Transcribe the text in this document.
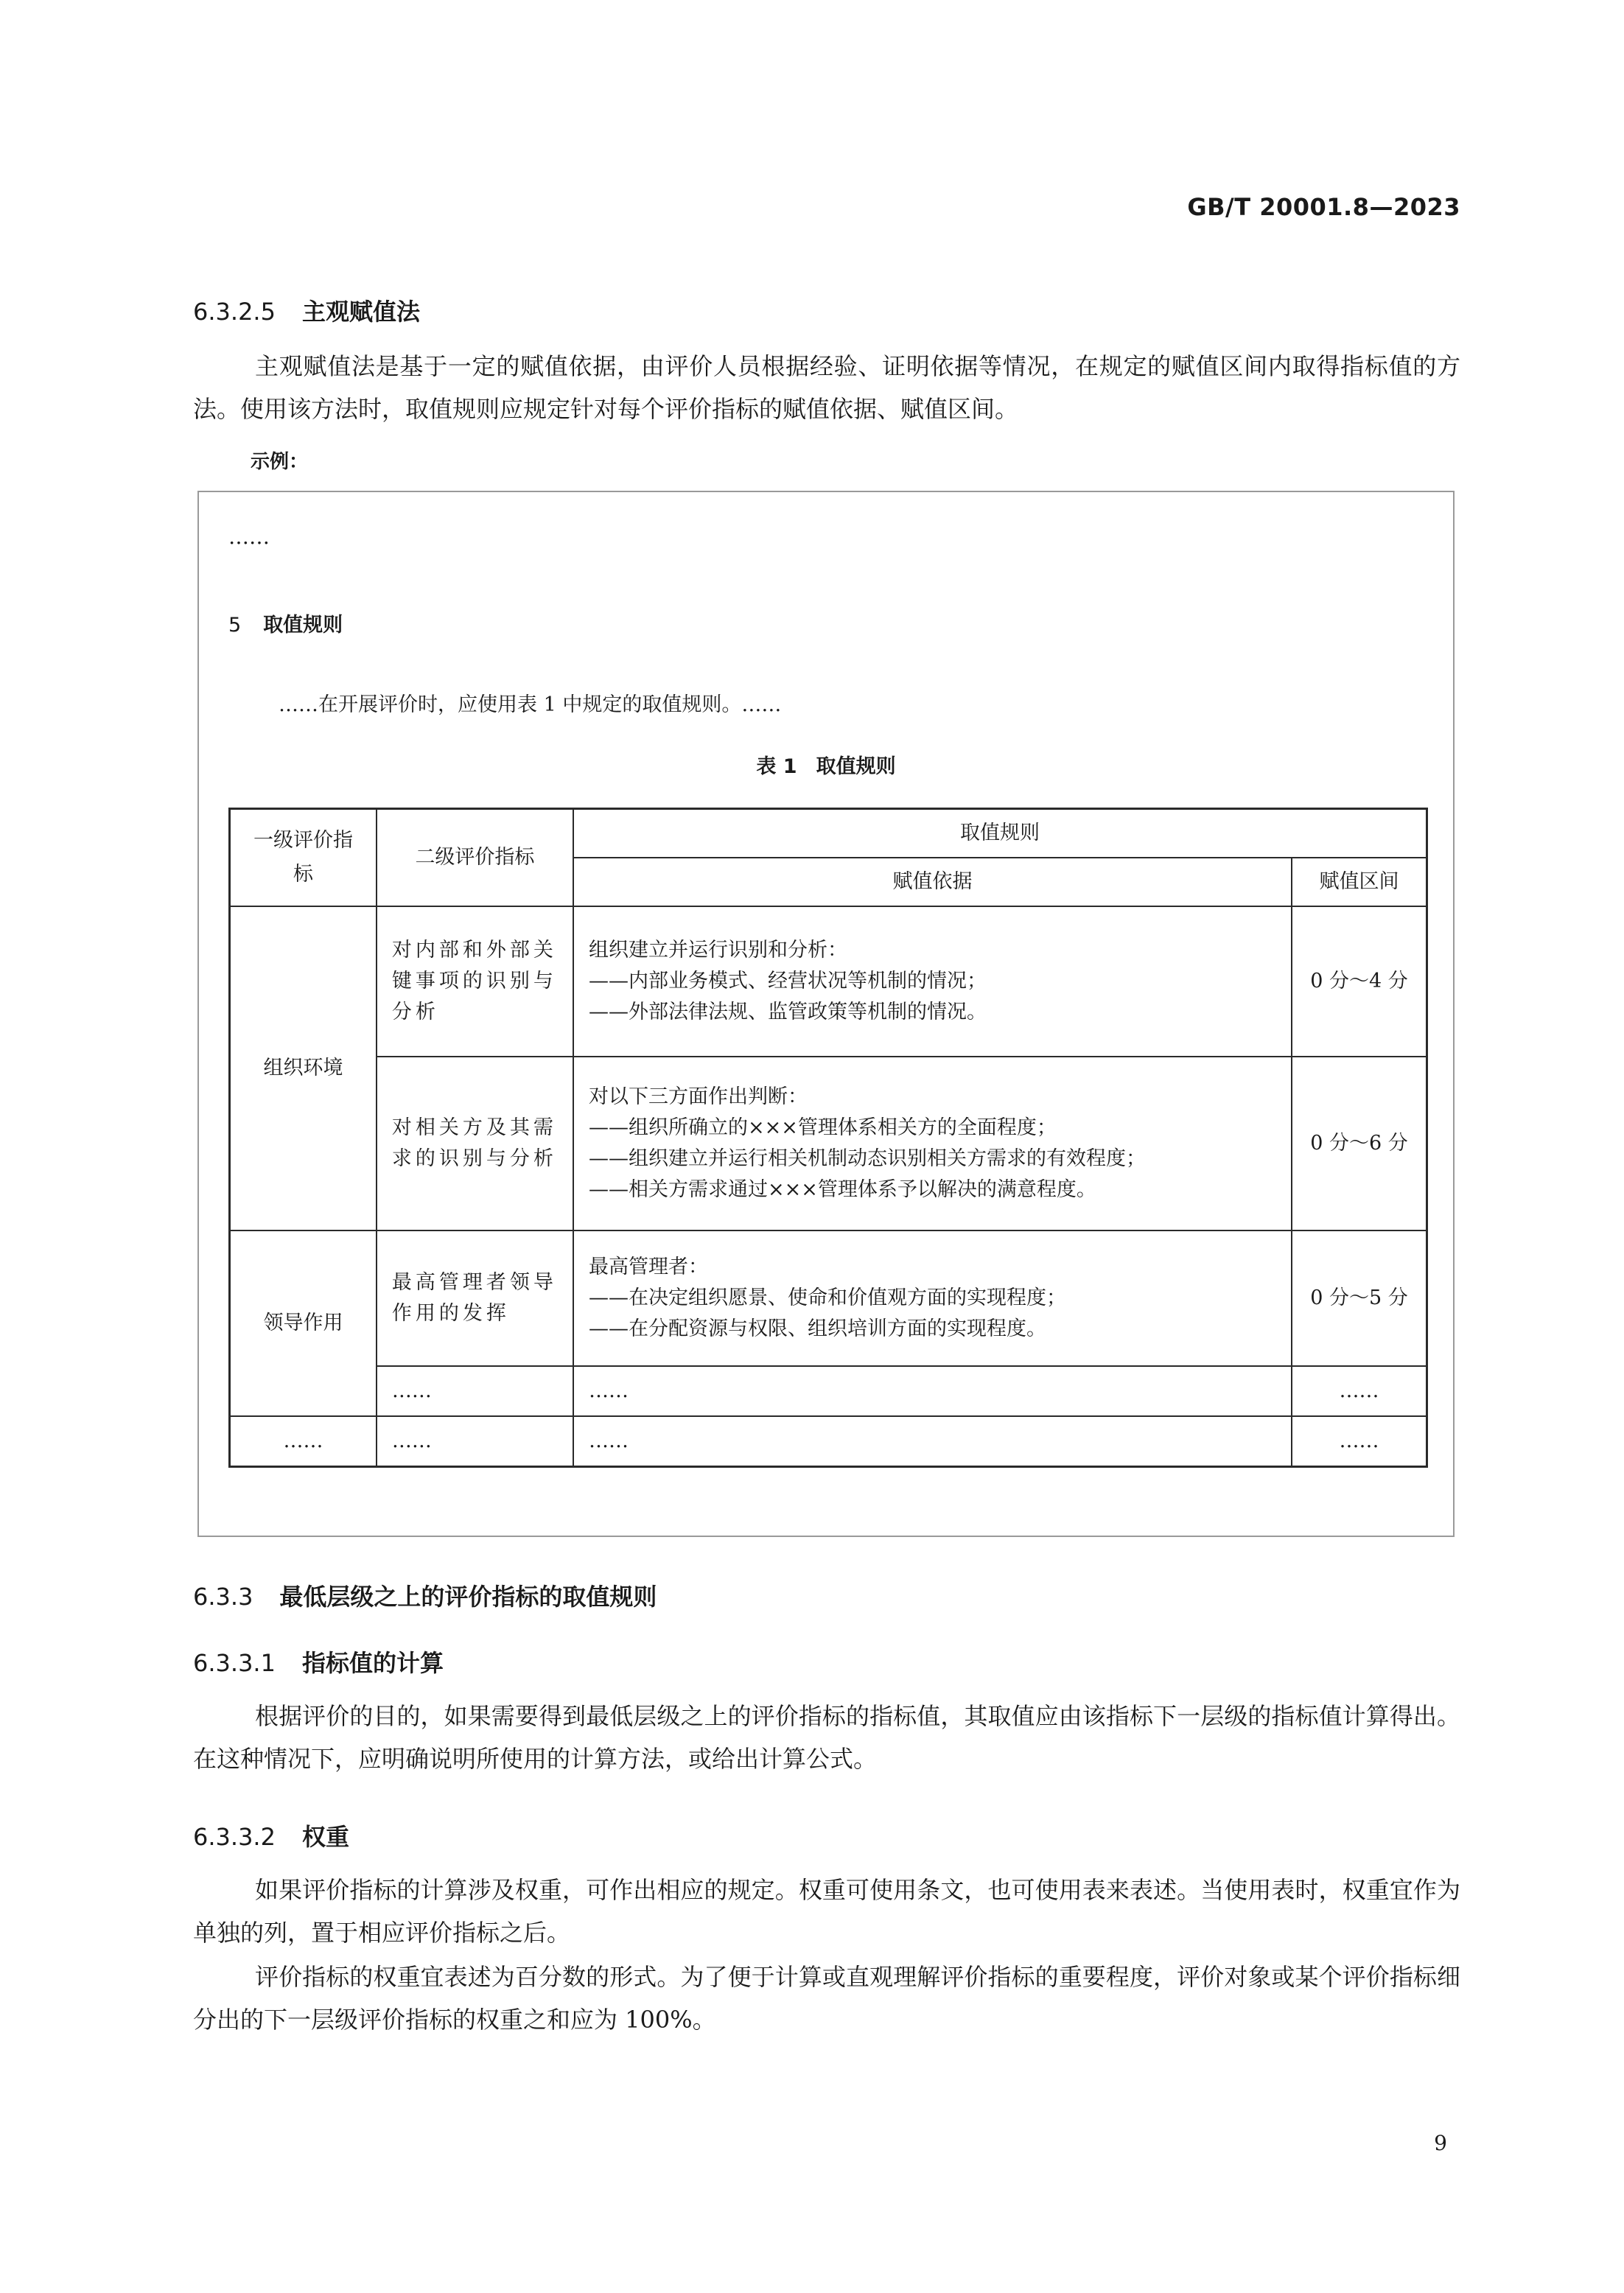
GB/T 20001.8—2023
6.3.2.5 主观赋值法

主观赋值法是基于一定的赋值依据，由评价人员根据经验、证明依据等情况，在规定的赋值区间内取得指标值的方法。使用该方法时，取值规则应规定针对每个评价指标的赋值依据、赋值区间。

示例：
……
5 取值规则
……在开展评价时，应使用表 1 中规定的取值规则。……
表 1 取值规则
一级评价指标	二级评价指标	取值规则	
		赋值依据	赋值区间
组织环境	对内部和外部关键事项的识别与分析	组织建立并运行识别和分析：
——内部业务模式、经营状况等机制的情况；
——外部法律法规、监管政策等机制的情况。	0 分～4 分
	对相关方及其需求的识别与分析	对以下三方面作出判断：
——组织所确立的×××管理体系相关方的全面程度；
——组织建立并运行相关机制动态识别相关方需求的有效程度；
——相关方需求通过×××管理体系予以解决的满意程度。	0 分～6 分
领导作用	最高管理者领导作用的发挥	最高管理者：
——在决定组织愿景、使命和价值观方面的实现程度；
——在分配资源与权限、组织培训方面的实现程度。	0 分～5 分
	……	……	……
……	……	……	……
6.3.3 最低层级之上的评价指标的取值规则
6.3.3.1 指标值的计算

根据评价的目的，如果需要得到最低层级之上的评价指标的指标值，其取值应由该指标下一层级的指标值计算得出。在这种情况下，应明确说明所使用的计算方法，或给出计算公式。

6.3.3.2 权重

如果评价指标的计算涉及权重，可作出相应的规定。权重可使用条文，也可使用表来表述。当使用表时，权重宜作为单独的列，置于相应评价指标之后。

评价指标的权重宜表述为百分数的形式。为了便于计算或直观理解评价指标的重要程度，评价对象或某个评价指标细分出的下一层级评价指标的权重之和应为 100%。

9
